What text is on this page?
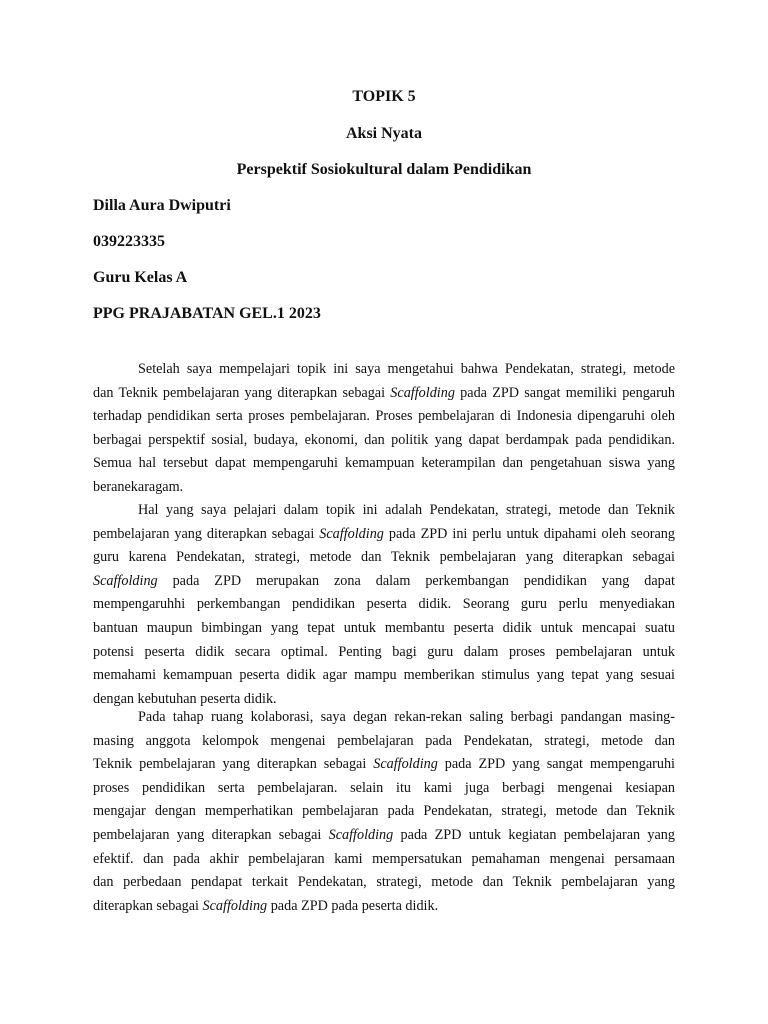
TOPIK 5
Aksi Nyata
Perspektif Sosiokultural dalam Pendidikan
Dilla Aura Dwiputri
039223335
Guru Kelas A
PPG PRAJABATAN GEL.1 2023
Setelah saya mempelajari topik ini saya mengetahui bahwa Pendekatan, strategi, metode
dan Teknik pembelajaran yang diterapkan sebagai Scaffolding pada ZPD sangat memiliki pengaruh
terhadap pendidikan serta proses pembelajaran. Proses pembelajaran di Indonesia dipengaruhi oleh
berbagai perspektif sosial, budaya, ekonomi, dan politik yang dapat berdampak pada pendidikan.
Semua hal tersebut dapat mempengaruhi kemampuan keterampilan dan pengetahuan siswa yang
beranekaragam.
Hal yang saya pelajari dalam topik ini adalah Pendekatan, strategi, metode dan Teknik
pembelajaran yang diterapkan sebagai Scaffolding pada ZPD ini perlu untuk dipahami oleh seorang
guru karena Pendekatan, strategi, metode dan Teknik pembelajaran yang diterapkan sebagai
Scaffolding pada ZPD merupakan zona dalam perkembangan pendidikan yang dapat
mempengaruhhi perkembangan pendidikan peserta didik. Seorang guru perlu menyediakan
bantuan maupun bimbingan yang tepat untuk membantu peserta didik untuk mencapai suatu
potensi peserta didik secara optimal. Penting bagi guru dalam proses pembelajaran untuk
memahami kemampuan peserta didik agar mampu memberikan stimulus yang tepat yang sesuai
dengan kebutuhan peserta didik.
Pada tahap ruang kolaborasi, saya degan rekan-rekan saling berbagi pandangan masing-
masing anggota kelompok mengenai pembelajaran pada Pendekatan, strategi, metode dan
Teknik pembelajaran yang diterapkan sebagai Scaffolding pada ZPD yang sangat mempengaruhi
proses pendidikan serta pembelajaran. selain itu kami juga berbagi mengenai kesiapan
mengajar dengan memperhatikan pembelajaran pada Pendekatan, strategi, metode dan Teknik
pembelajaran yang diterapkan sebagai Scaffolding pada ZPD untuk kegiatan pembelajaran yang
efektif. dan pada akhir pembelajaran kami mempersatukan pemahaman mengenai persamaan
dan perbedaan pendapat terkait Pendekatan, strategi, metode dan Teknik pembelajaran yang
diterapkan sebagai Scaffolding pada ZPD pada peserta didik.
